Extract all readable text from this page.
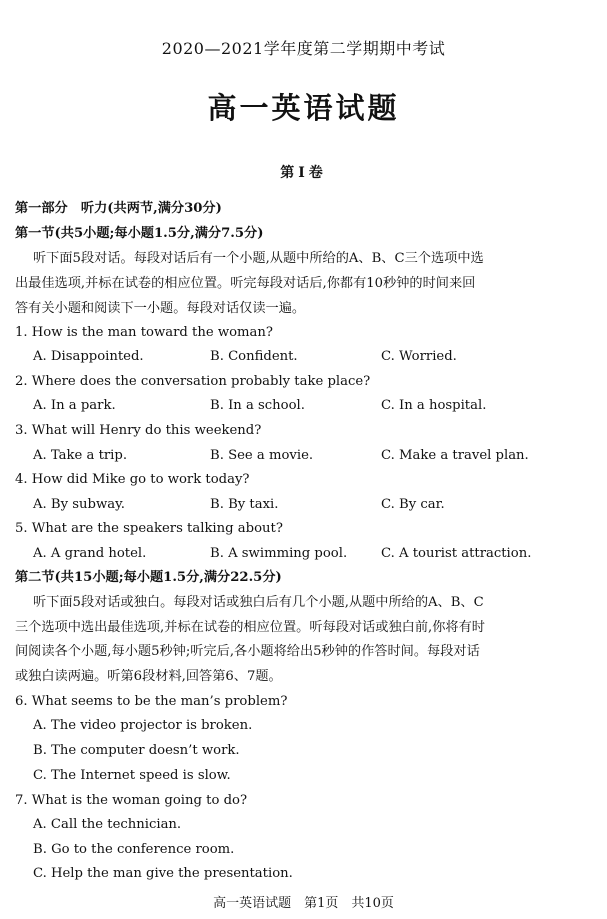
2020—2021学年度第二学期期中考试
高一英语试题
第Ⅰ卷
第一部分　听力(共两节,满分30分)
第一节(共5小题;每小题1.5分,满分7.5分)
听下面5段对话。每段对话后有一个小题,从题中所给的A、B、C三个选项中选
出最佳选项,并标在试卷的相应位置。听完每段对话后,你都有10秒钟的时间来回
答有关小题和阅读下一小题。每段对话仅读一遍。
1. How is the man toward the woman?
A. Disappointed.	B. Confident.	C. Worried.
2. Where does the conversation probably take place?
A. In a park.	B. In a school.	C. In a hospital.
3. What will Henry do this weekend?
A. Take a trip.	B. See a movie.	C. Make a travel plan.
4. How did Mike go to work today?
A. By subway.	B. By taxi.	C. By car.
5. What are the speakers talking about?
A. A grand hotel.	B. A swimming pool.	C. A tourist attraction.
第二节(共15小题;每小题1.5分,满分22.5分)
听下面5段对话或独白。每段对话或独白后有几个小题,从题中所给的A、B、C
三个选项中选出最佳选项,并标在试卷的相应位置。听每段对话或独白前,你将有时
间阅读各个小题,每小题5秒钟;听完后,各小题将给出5秒钟的作答时间。每段对话
或独白读两遍。听第6段材料,回答第6、7题。
6. What seems to be the man’s problem?
A. The video projector is broken.
B. The computer doesn’t work.
C. The Internet speed is slow.
7. What is the woman going to do?
A. Call the technician.
B. Go to the conference room.
C. Help the man give the presentation.
高一英语试题　第1页　共10页
